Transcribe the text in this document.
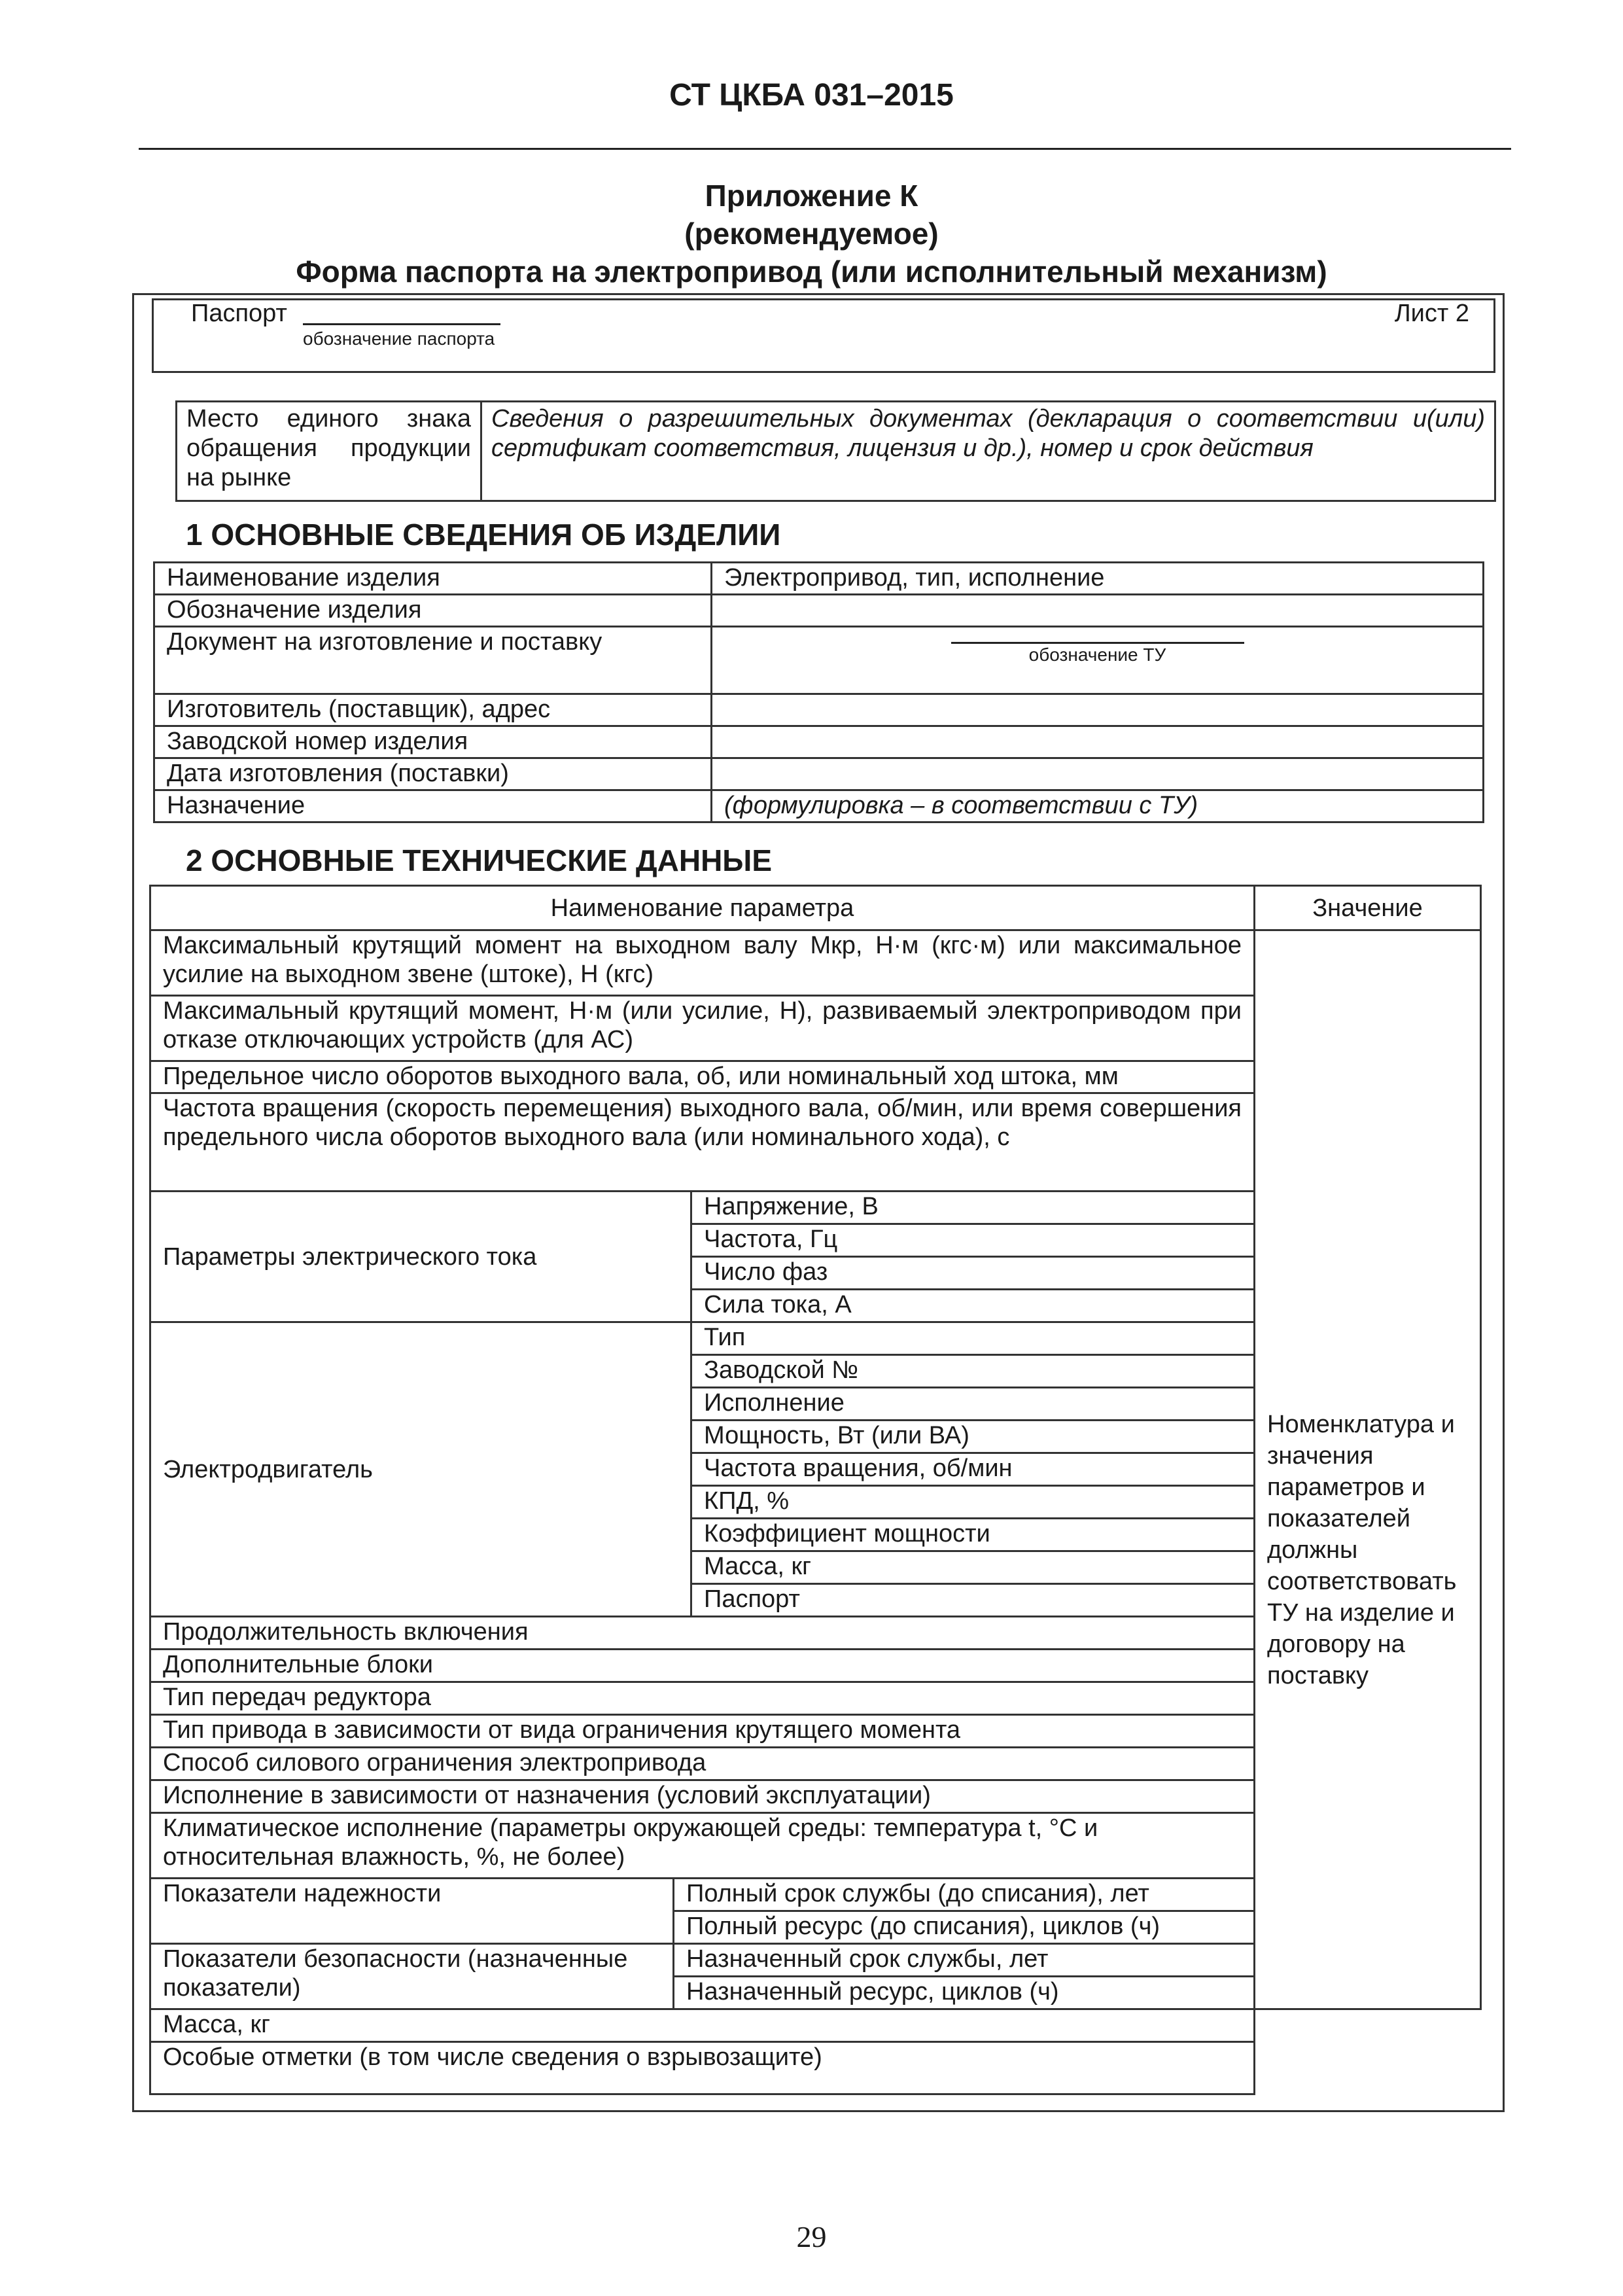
СТ ЦКБА 031–2015
Приложение К
(рекомендуемое)
Форма паспорта на электропривод (или исполнительный механизм)
Паспорт
обозначение паспорта
Лист 2
Место единого знака обращения продукции на рынке	Сведения о разрешительных документах (декларация о соответствии и(или) сертификат соответствия, лицензия и др.), номер и срок действия
1 ОСНОВНЫЕ СВЕДЕНИЯ ОБ ИЗДЕЛИИ
Наименование изделия	Электропривод, тип, исполнение
Обозначение изделия	
Документ на изготовление и поставку	обозначение ТУ

Изготовитель (поставщик), адрес	
Заводской номер изделия	
Дата изготовления (поставки)	
Назначение	(формулировка – в соответствии с ТУ)
2 ОСНОВНЫЕ ТЕХНИЧЕСКИЕ ДАННЫЕ
Наименование параметра			Значение
Максимальный крутящий момент на выходном валу Мкр, Н·м (кгс·м) или максимальное усилие на выходном звене (штоке), Н (кгс)			Номенклатура и значения параметров и показателей должны соответствовать ТУ на изделие и договору на поставку

Максимальный крутящий момент, Н·м (или усилие, Н), развиваемый электроприводом при отказе отключающих устройств (для АС)			
Предельное число оборотов выходного вала, об, или номинальный ход штока, мм			
Частота вращения (скорость перемещения) выходного вала, об/мин, или время совершения предельного числа оборотов выходного вала (или номинального хода), с			
Параметры электрического тока		Напряжение, В	
		Частота, Гц	
		Число фаз	
		Сила тока, А	
Электродвигатель		Тип	
		Заводской №	
		Исполнение	
		Мощность, Вт (или ВА)	
		Частота вращения, об/мин	
		КПД, %	
		Коэффициент мощности	
		Масса, кг	
		Паспорт	
Продолжительность включения			
Дополнительные блоки			
Тип передач редуктора			
Тип привода в зависимости от вида ограничения крутящего момента			
Способ силового ограничения электропривода			
Исполнение в зависимости от назначения (условий эксплуатации)			
Климатическое исполнение (параметры окружающей среды: температура t, °С и относительная влажность, %, не более)			
Показатели надежности	Полный срок службы (до списания), лет		
	Полный ресурс (до списания), циклов (ч)		
Показатели безопасности (назначенные показатели)	Назначенный срок службы, лет		
	Назначенный ресурс, циклов (ч)		
Масса, кг			
Особые отметки (в том числе сведения о взрывозащите)			
29
